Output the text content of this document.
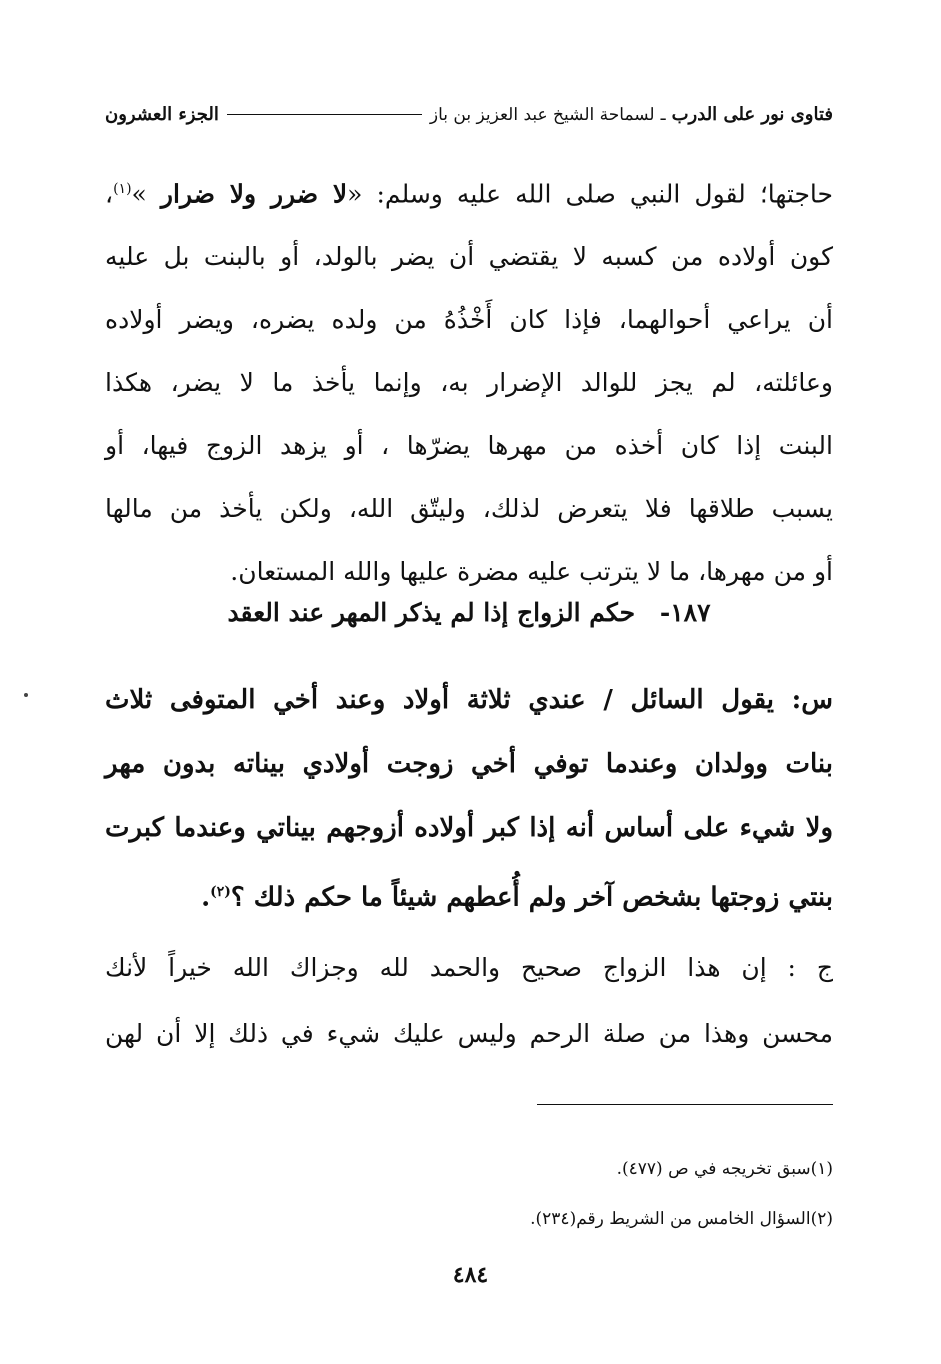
فتاوى نور على الدرب
ـ
لسماحة الشيخ عبد العزيز بن باز
الجزء العشرون
حاجتها؛ لقول النبي صلى الله عليه وسلم: «لا ضرر ولا ضرار »$^{(١)}$،
كون أولاده من كسبه لا يقتضي أن يضر بالولد، أو بالبنت بل عليه
أن يراعي أحوالهما، فإذا كان أَخْذُهُ من ولده يضره، ويضر أولاده
وعائلته، لم يجز للوالد الإضرار به، وإنما يأخذ ما لا يضر، هكذا
البنت إذا كان أخذه من مهرها يضرّها ، أو يزهد الزوج فيها، أو
يسبب طلاقها فلا يتعرض لذلك، وليتّق الله، ولكن يأخذ من مالها
أو من مهرها، ما لا يترتب عليه مضرة عليها والله المستعان.
١٨٧- حكم الزواج إذا لم يذكر المهر عند العقد
س: يقول السائل / عندي ثلاثة أولاد وعند أخي المتوفى ثلاث
بنات وولدان وعندما توفي أخي زوجت أولادي بيناته بدون مهر
ولا شيء على أساس أنه إذا كبر أولاده أزوجهم بيناتي وعندما كبرت
بنتي زوجتها بشخص آخر ولم أُعطهم شيئاً ما حكم ذلك ؟$^{(٢)}$.
ج : إن هذا الزواج صحيح والحمد لله وجزاك الله خيراً لأنك
محسن وهذا من صلة الرحم وليس عليك شيء في ذلك إلا أن لهن
(١)سبق تخريجه في ص (٤٧٧).
(٢)السؤال الخامس من الشريط رقم(٢٣٤).
٤٨٤
